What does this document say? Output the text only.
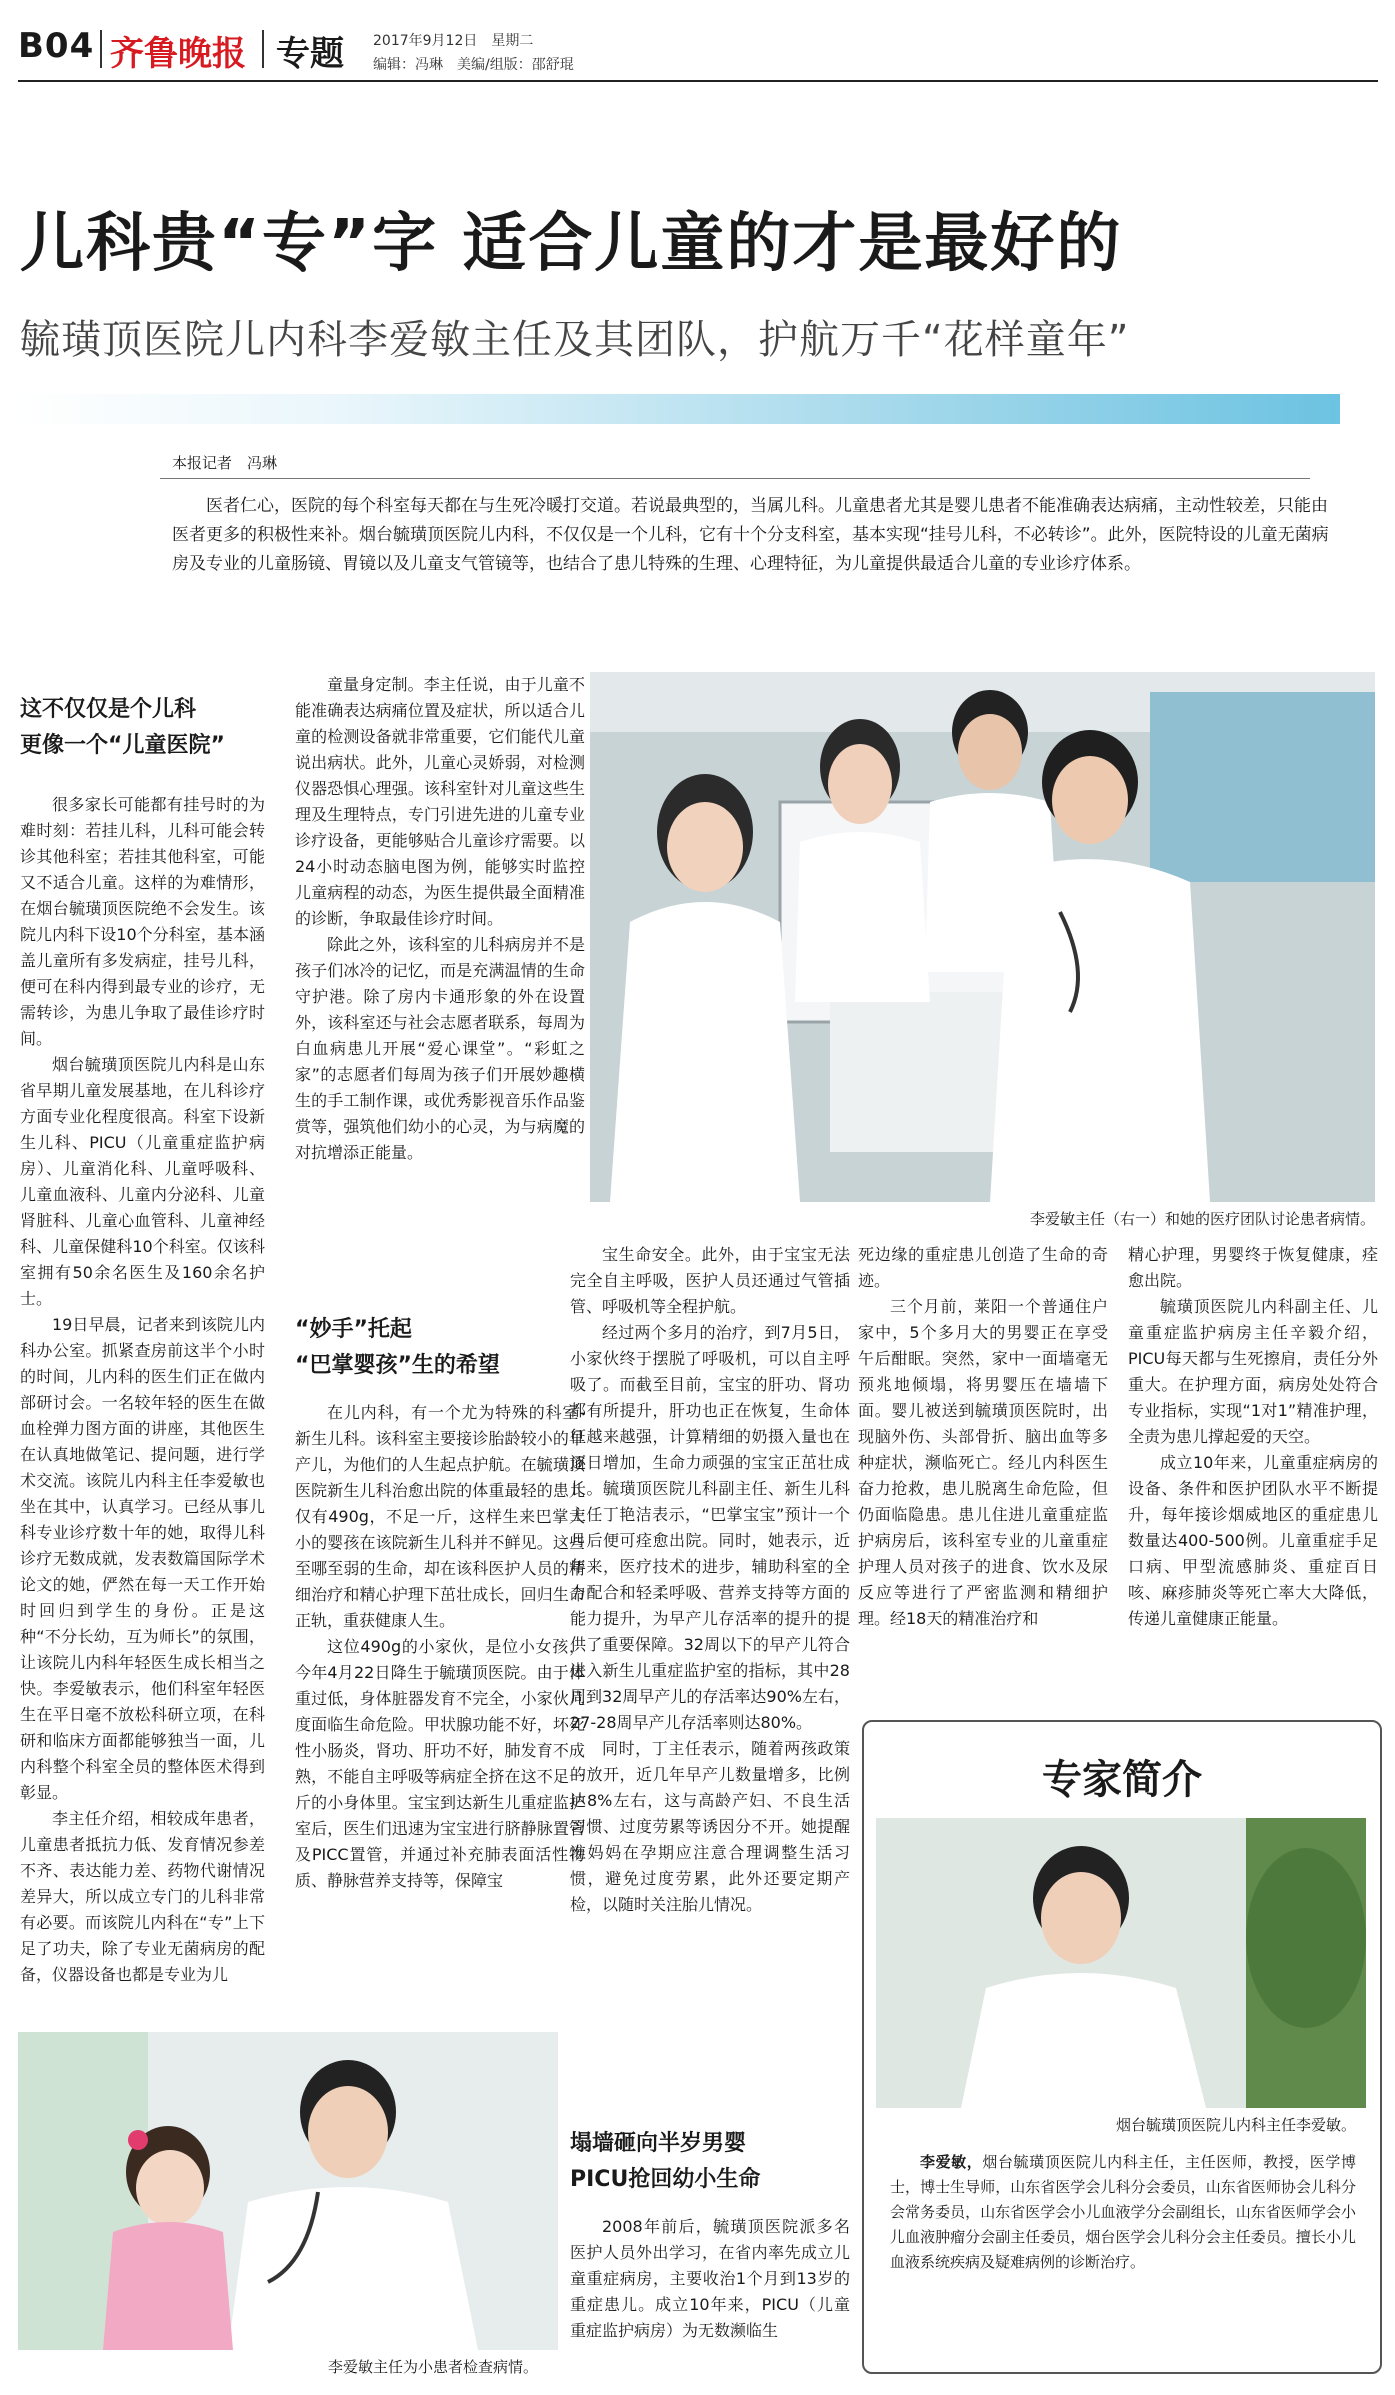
B04 齐鲁晚报 专题 2017年9月12日　星期二
编辑：冯琳　美编/组版：邵舒琨
儿科贵“专”字 适合儿童的才是最好的
毓璜顶医院儿内科李爱敏主任及其团队，护航万千“花样童年”
本报记者　冯琳
医者仁心，医院的每个科室每天都在与生死冷暖打交道。若说最典型的，当属儿科。儿童患者尤其是婴儿患者不能准确表达病痛，主动性较差，只能由医者更多的积极性来补。烟台毓璜顶医院儿内科，不仅仅是一个儿科，它有十个分支科室，基本实现“挂号儿科，不必转诊”。此外，医院特设的儿童无菌病房及专业的儿童肠镜、胃镜以及儿童支气管镜等，也结合了患儿特殊的生理、心理特征，为儿童提供最适合儿童的专业诊疗体系。
这不仅仅是个儿科
更像一个“儿童医院”

很多家长可能都有挂号时的为难时刻：若挂儿科，儿科可能会转诊其他科室；若挂其他科室，可能又不适合儿童。这样的为难情形，在烟台毓璜顶医院绝不会发生。该院儿内科下设10个分科室，基本涵盖儿童所有多发病症，挂号儿科，便可在科内得到最专业的诊疗，无需转诊，为患儿争取了最佳诊疗时间。

烟台毓璜顶医院儿内科是山东省早期儿童发展基地，在儿科诊疗方面专业化程度很高。科室下设新生儿科、PICU（儿童重症监护病房）、儿童消化科、儿童呼吸科、儿童血液科、儿童内分泌科、儿童肾脏科、儿童心血管科、儿童神经科、儿童保健科10个科室。仅该科室拥有50余名医生及160余名护士。

19日早晨，记者来到该院儿内科办公室。抓紧查房前这半个小时的时间，儿内科的医生们正在做内部研讨会。一名较年轻的医生在做血栓弹力图方面的讲座，其他医生在认真地做笔记、提问题，进行学术交流。该院儿内科主任李爱敏也坐在其中，认真学习。已经从事儿科专业诊疗数十年的她，取得儿科诊疗无数成就，发表数篇国际学术论文的她，俨然在每一天工作开始时回归到学生的身份。正是这种“不分长幼，互为师长”的氛围，让该院儿内科年轻医生成长相当之快。李爱敏表示，他们科室年轻医生在平日毫不放松科研立项，在科研和临床方面都能够独当一面，儿内科整个科室全员的整体医术得到彰显。

李主任介绍，相较成年患者，儿童患者抵抗力低、发育情况参差不齐、表达能力差、药物代谢情况差异大，所以成立专门的儿科非常有必要。而该院儿内科在“专”上下足了功夫，除了专业无菌病房的配备，仪器设备也都是专业为儿

童量身定制。李主任说，由于儿童不能准确表达病痛位置及症状，所以适合儿童的检测设备就非常重要，它们能代儿童说出病状。此外，儿童心灵娇弱，对检测仪器恐惧心理强。该科室针对儿童这些生理及生理特点，专门引进先进的儿童专业诊疗设备，更能够贴合儿童诊疗需要。以24小时动态脑电图为例，能够实时监控儿童病程的动态，为医生提供最全面精准的诊断，争取最佳诊疗时间。

除此之外，该科室的儿科病房并不是孩子们冰冷的记忆，而是充满温情的生命守护港。除了房内卡通形象的外在设置外，该科室还与社会志愿者联系，每周为白血病患儿开展“爱心课堂”。“彩虹之家”的志愿者们每周为孩子们开展妙趣横生的手工制作课，或优秀影视音乐作品鉴赏等，强筑他们幼小的心灵，为与病魔的对抗增添正能量。

“妙手”托起
“巴掌婴孩”生的希望

在儿内科，有一个尤为特殊的科室-新生儿科。该科室主要接诊胎龄较小的早产儿，为他们的人生起点护航。在毓璜顶医院新生儿科治愈出院的体重最轻的患儿仅有490g，不足一斤，这样生来巴掌大小的婴孩在该院新生儿科并不鲜见。这些至哪至弱的生命，却在该科医护人员的精细治疗和精心护理下茁壮成长，回归生命正轨，重获健康人生。

这位490g的小家伙，是位小女孩，今年4月22日降生于毓璜顶医院。由于体重过低，身体脏器发育不完全，小家伙几度面临生命危险。甲状腺功能不好，坏死性小肠炎，肾功、肝功不好，肺发育不成熟，不能自主呼吸等病症全挤在这不足一斤的小身体里。宝宝到达新生儿重症监护室后，医生们迅速为宝宝进行脐静脉置管及PICC置管，并通过补充肺表面活性物质、静脉营养支持等，保障宝

李爱敏主任（右一）和她的医疗团队讨论患者病情。

宝生命安全。此外，由于宝宝无法完全自主呼吸，医护人员还通过气管插管、呼吸机等全程护航。

经过两个多月的治疗，到7月5日，小家伙终于摆脱了呼吸机，可以自主呼吸了。而截至目前，宝宝的肝功、肾功都有所提升，肝功也正在恢复，生命体征越来越强，计算精细的奶摄入量也在逐日增加，生命力顽强的宝宝正茁壮成长。毓璜顶医院儿科副主任、新生儿科主任丁艳洁表示，“巴掌宝宝”预计一个月后便可痊愈出院。同时，她表示，近年来，医疗技术的进步，辅助科室的全力配合和轻柔呼吸、营养支持等方面的能力提升，为早产儿存活率的提升的提供了重要保障。32周以下的早产儿符合进入新生儿重症监护室的指标，其中28周到32周早产儿的存活率达90%左右，27-28周早产儿存活率则达80%。

同时，丁主任表示，随着两孩政策的放开，近几年早产儿数量增多，比例达8%左右，这与高龄产妇、不良生活习惯、过度劳累等诱因分不开。她提醒准妈妈在孕期应注意合理调整生活习惯，避免过度劳累，此外还要定期产检，以随时关注胎儿情况。

塌墙砸向半岁男婴
PICU抢回幼小生命

2008年前后，毓璜顶医院派多名医护人员外出学习，在省内率先成立儿童重症病房，主要收治1个月到13岁的重症患儿。成立10年来，PICU（儿童重症监护病房）为无数濒临生

死边缘的重症患儿创造了生命的奇迹。

三个月前，莱阳一个普通住户家中，5个多月大的男婴正在享受午后酣眠。突然，家中一面墙毫无预兆地倾塌，将男婴压在墙墙下面。婴儿被送到毓璜顶医院时，出现脑外伤、头部骨折、脑出血等多种症状，濒临死亡。经儿内科医生奋力抢救，患儿脱离生命危险，但仍面临隐患。患儿住进儿童重症监护病房后，该科室专业的儿童重症护理人员对孩子的进食、饮水及尿反应等进行了严密监测和精细护理。经18天的精准治疗和

精心护理，男婴终于恢复健康，痊愈出院。

毓璜顶医院儿内科副主任、儿童重症监护病房主任辛毅介绍，PICU每天都与生死擦肩，责任分外重大。在护理方面，病房处处符合专业指标，实现“1对1”精准护理，全责为患儿撑起爱的天空。

成立10年来，儿童重症病房的设备、条件和医护团队水平不断提升，每年接诊烟威地区的重症患儿数量达400-500例。儿童重症手足口病、甲型流感肺炎、重症百日咳、麻疹肺炎等死亡率大大降低，传递儿童健康正能量。

李爱敏主任为小患者检查病情。
专家简介
烟台毓璜顶医院儿内科主任李爱敏。
李爱敏，烟台毓璜顶医院儿内科主任，主任医师，教授，医学博士，博士生导师，山东省医学会儿科分会委员，山东省医师协会儿科分会常务委员，山东省医学会小儿血液学分会副组长，山东省医师学会小儿血液肿瘤分会副主任委员，烟台医学会儿科分会主任委员。擅长小儿血液系统疾病及疑难病例的诊断治疗。
